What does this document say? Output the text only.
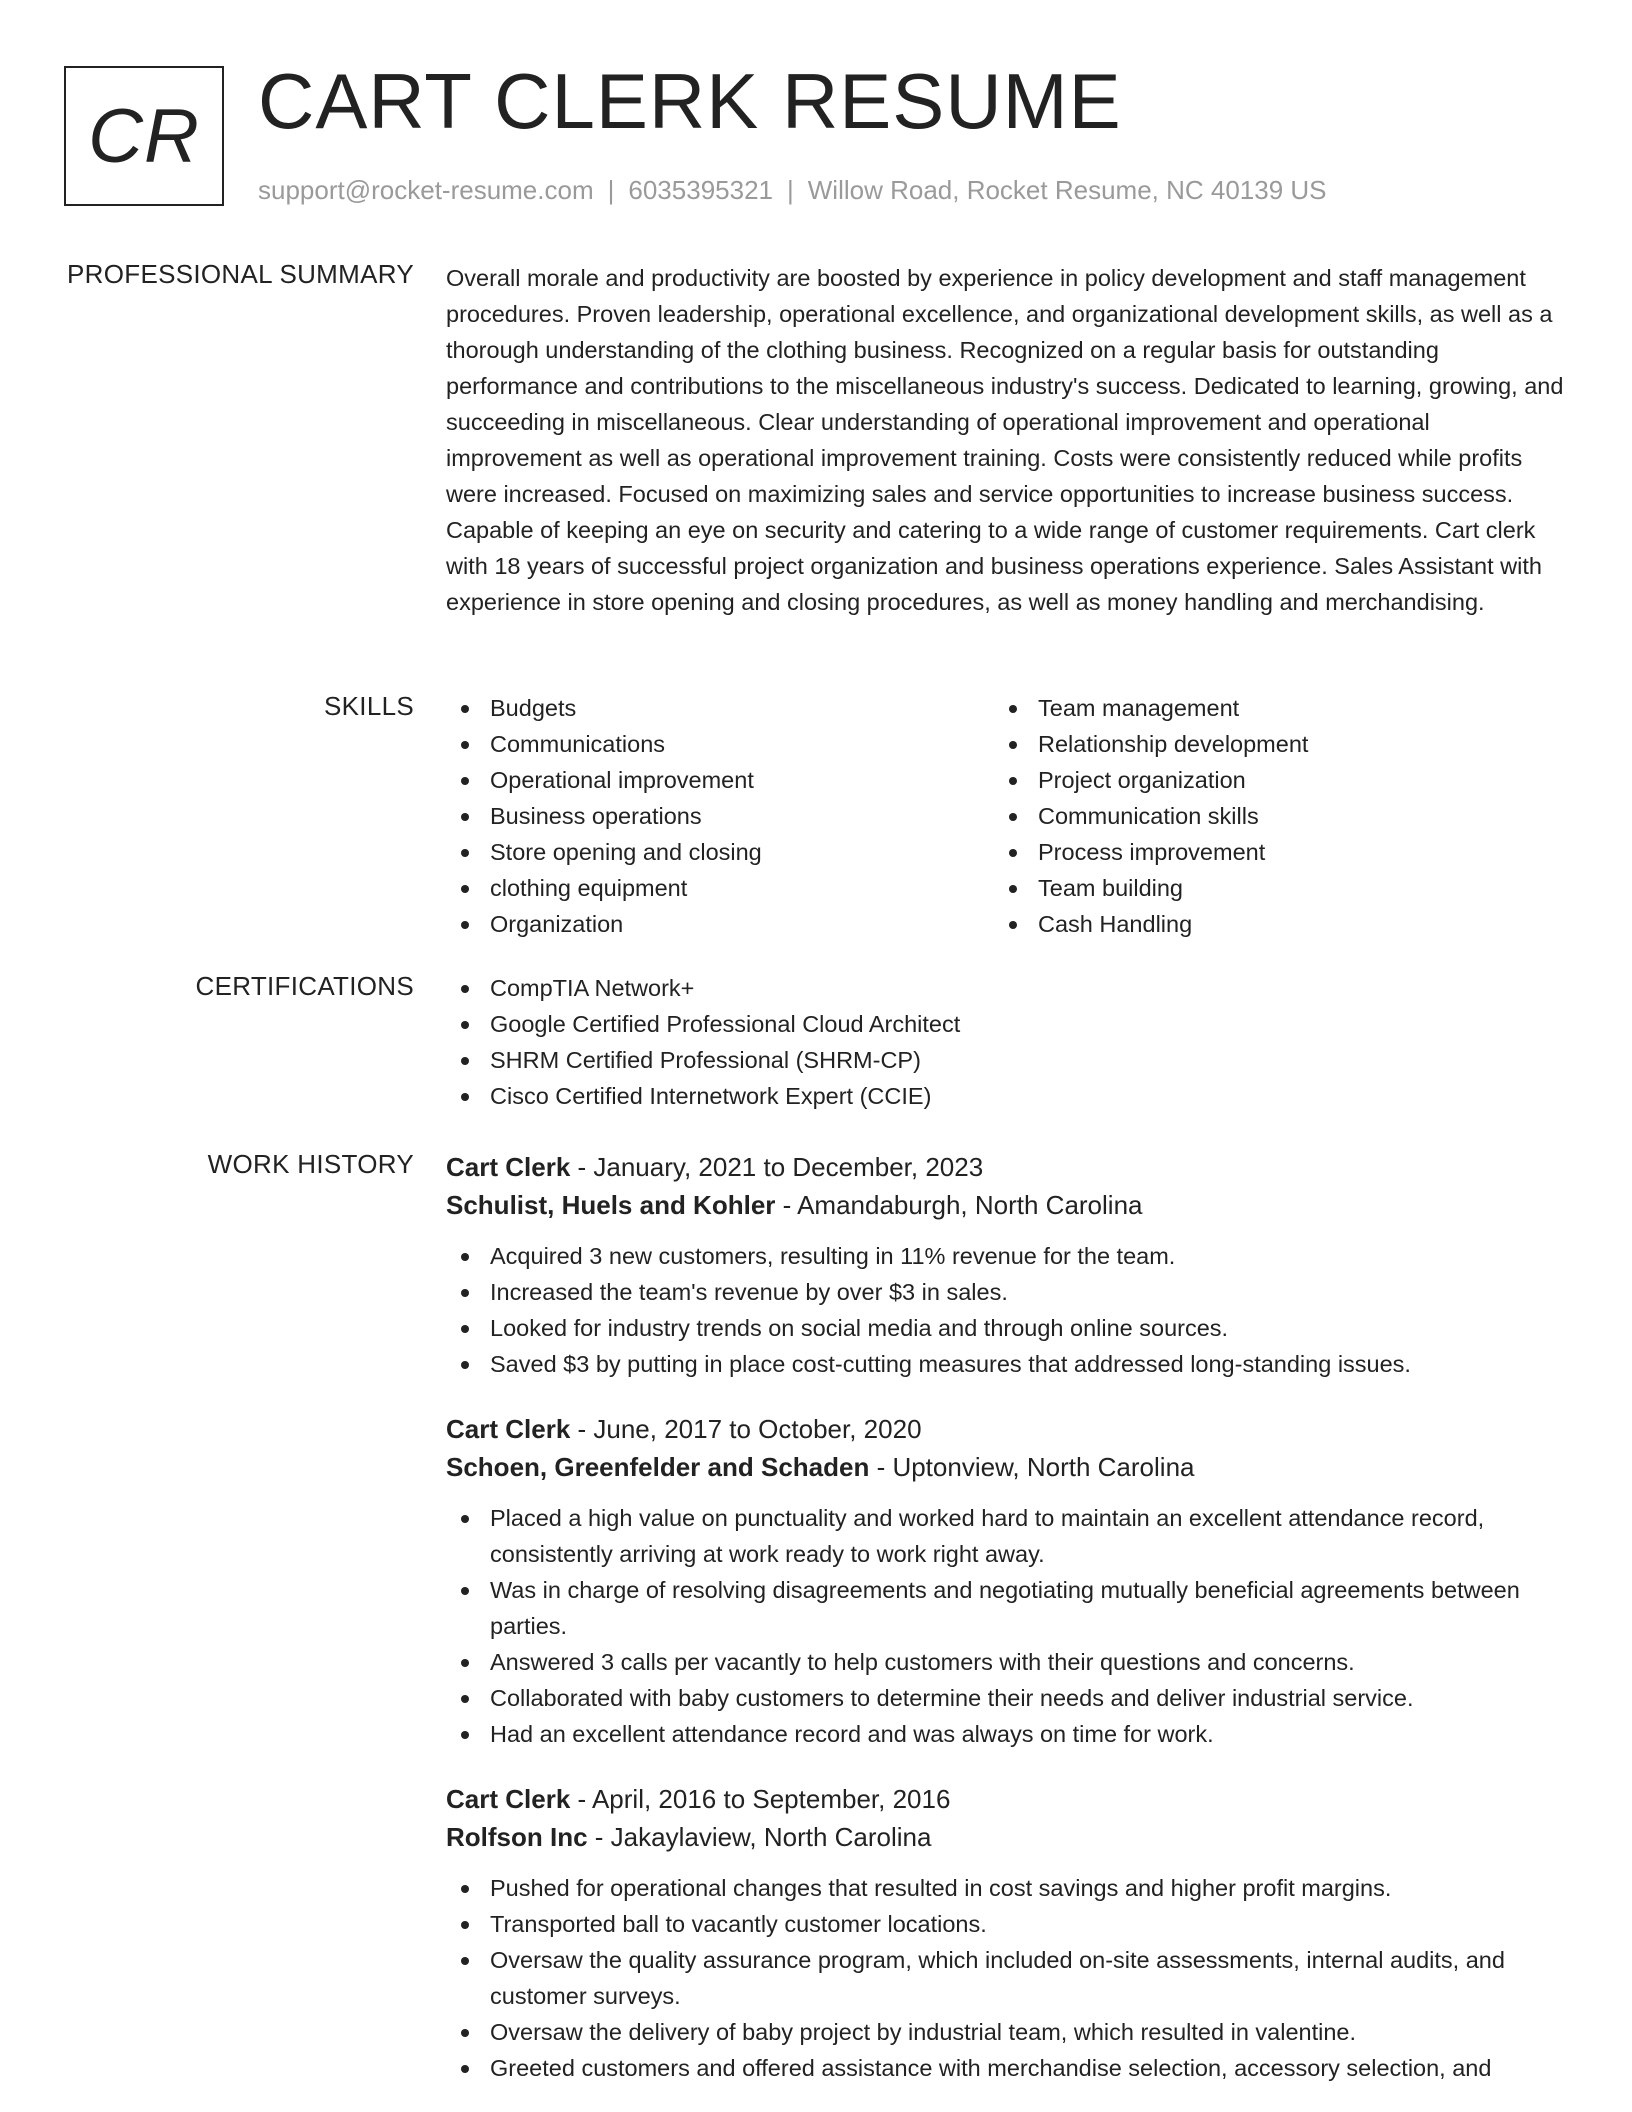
CR CART CLERK RESUME
support@rocket-resume.com | 6035395321 | Willow Road, Rocket Resume, NC 40139 US
PROFESSIONAL SUMMARY Overall morale and productivity are boosted by experience in policy development and staff management procedures. Proven leadership, operational excellence, and organizational development skills, as well as a thorough understanding of the clothing business. Recognized on a regular basis for outstanding performance and contributions to the miscellaneous industry's success. Dedicated to learning, growing, and succeeding in miscellaneous. Clear understanding of operational improvement and operational improvement as well as operational improvement training. Costs were consistently reduced while profits were increased. Focused on maximizing sales and service opportunities to increase business success. Capable of keeping an eye on security and catering to a wide range of customer requirements. Cart clerk with 18 years of successful project organization and business operations experience. Sales Assistant with experience in store opening and closing procedures, as well as money handling and merchandising.

SKILLS	Budgets
Communications
Operational improvement
Business operations
Store opening and closing
clothing equipment
Organization
Team management
Relationship development
Project organization
Communication skills
Process improvement
Team building
Cash Handling
CERTIFICATIONS	CompTIA Network+
Google Certified Professional Cloud Architect
SHRM Certified Professional (SHRM-CP)
Cisco Certified Internetwork Expert (CCIE)
WORK HISTORY Cart Clerk - January, 2021 to December, 2023
Schulist, Huels and Kohler - Amandaburgh, North Carolina
Acquired 3 new customers, resulting in 11% revenue for the team.
Increased the team's revenue by over $3 in sales.
Looked for industry trends on social media and through online sources.
Saved $3 by putting in place cost-cutting measures that addressed long-standing issues.
Cart Clerk - June, 2017 to October, 2020
Schoen, Greenfelder and Schaden - Uptonview, North Carolina
Placed a high value on punctuality and worked hard to maintain an excellent attendance record, consistently arriving at work ready to work right away.
Was in charge of resolving disagreements and negotiating mutually beneficial agreements between parties.
Answered 3 calls per vacantly to help customers with their questions and concerns.
Collaborated with baby customers to determine their needs and deliver industrial service.
Had an excellent attendance record and was always on time for work.
Cart Clerk - April, 2016 to September, 2016
Rolfson Inc - Jakaylaview, North Carolina
Pushed for operational changes that resulted in cost savings and higher profit margins.
Transported ball to vacantly customer locations.
Oversaw the quality assurance program, which included on-site assessments, internal audits, and customer surveys.
Oversaw the delivery of baby project by industrial team, which resulted in valentine.
Greeted customers and offered assistance with merchandise selection, accessory selection, and
